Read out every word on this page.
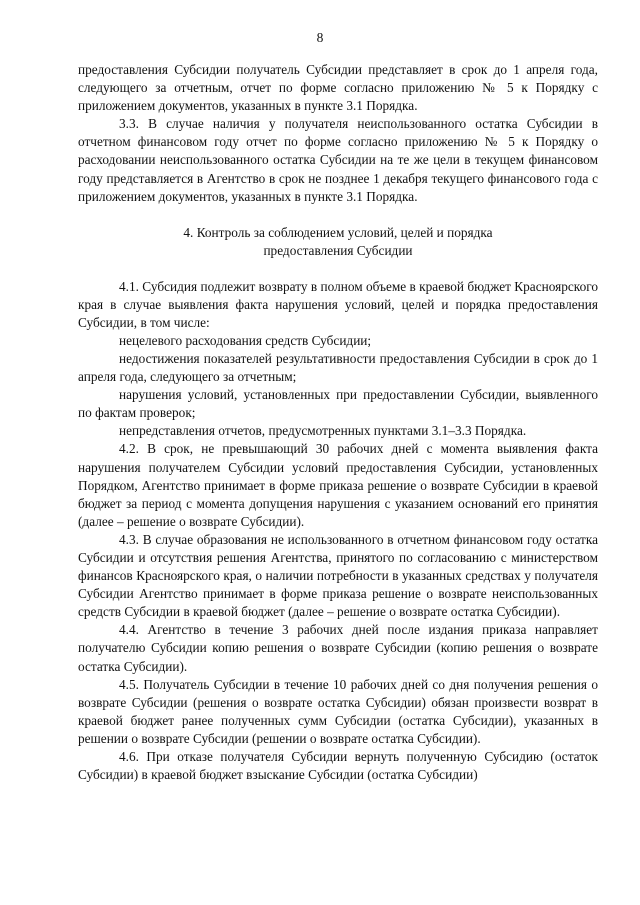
8

предоставления Субсидии получатель Субсидии представляет в срок до 1 апреля года, следующего за отчетным, отчет по форме согласно приложению № 5 к Порядку с приложением документов, указанных в пункте 3.1 Порядка.

3.3. В случае наличия у получателя неиспользованного остатка Субсидии в отчетном финансовом году отчет по форме согласно приложению № 5 к Порядку о расходовании неиспользованного остатка Субсидии на те же цели в текущем финансовом году представляется в Агентство в срок не позднее 1 декабря текущего финансового года с приложением документов, указанных в пункте 3.1 Порядка.

4. Контроль за соблюдением условий, целей и порядка
предоставления Субсидии

4.1. Субсидия подлежит возврату в полном объеме в краевой бюджет Красноярского края в случае выявления факта нарушения условий, целей и порядка предоставления Субсидии, в том числе:

нецелевого расходования средств Субсидии;

недостижения показателей результативности предоставления Субсидии в срок до 1 апреля года, следующего за отчетным;

нарушения условий, установленных при предоставлении Субсидии, выявленного по фактам проверок;

непредставления отчетов, предусмотренных пунктами 3.1–3.3 Порядка.

4.2. В срок, не превышающий 30 рабочих дней с момента выявления факта нарушения получателем Субсидии условий предоставления Субсидии, установленных Порядком, Агентство принимает в форме приказа решение о возврате Субсидии в краевой бюджет за период с момента допущения нарушения с указанием оснований его принятия (далее – решение о возврате Субсидии).

4.3. В случае образования не использованного в отчетном финансовом году остатка Субсидии и отсутствия решения Агентства, принятого по согласованию с министерством финансов Красноярского края, о наличии потребности в указанных средствах у получателя Субсидии Агентство принимает в форме приказа решение о возврате неиспользованных средств Субсидии в краевой бюджет (далее – решение о возврате остатка Субсидии).

4.4. Агентство в течение 3 рабочих дней после издания приказа направляет получателю Субсидии копию решения о возврате Субсидии (копию решения о возврате остатка Субсидии).

4.5. Получатель Субсидии в течение 10 рабочих дней со дня получения решения о возврате Субсидии (решения о возврате остатка Субсидии) обязан произвести возврат в краевой бюджет ранее полученных сумм Субсидии (остатка Субсидии), указанных в решении о возврате Субсидии (решении о возврате остатка Субсидии).

4.6. При отказе получателя Субсидии вернуть полученную Субсидию (остаток Субсидии) в краевой бюджет взыскание Субсидии (остатка Субсидии)
